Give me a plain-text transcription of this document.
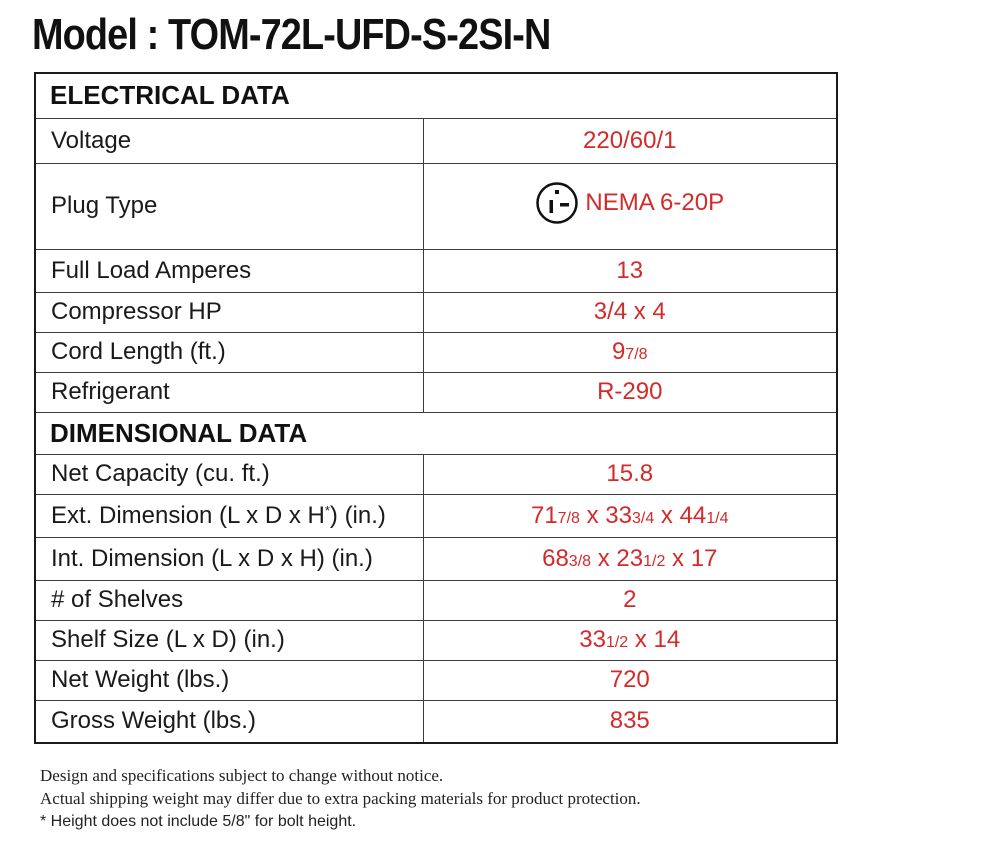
Model : TOM-72L-UFD-S-2SI-N
ELECTRICAL DATA	
Voltage	220/60/1
Plug Type	NEMA 6-20P

Full Load Amperes	13
Compressor HP	3/4 x 4
Cord Length (ft.)	97/8
Refrigerant	R-290
DIMENSIONAL DATA	
Net Capacity (cu. ft.)	15.8
Ext. Dimension (L x D x H*) (in.)	717/8 x 333/4 x 441/4
Int. Dimension (L x D x H) (in.)	683/8 x 231/2 x 17
# of Shelves	2
Shelf Size (L x D) (in.)	331/2 x 14
Net Weight (lbs.)	720
Gross Weight (lbs.)	835
Design and specifications subject to change without notice.
Actual shipping weight may differ due to extra packing materials for product protection.
* Height does not include 5/8" for bolt height.
